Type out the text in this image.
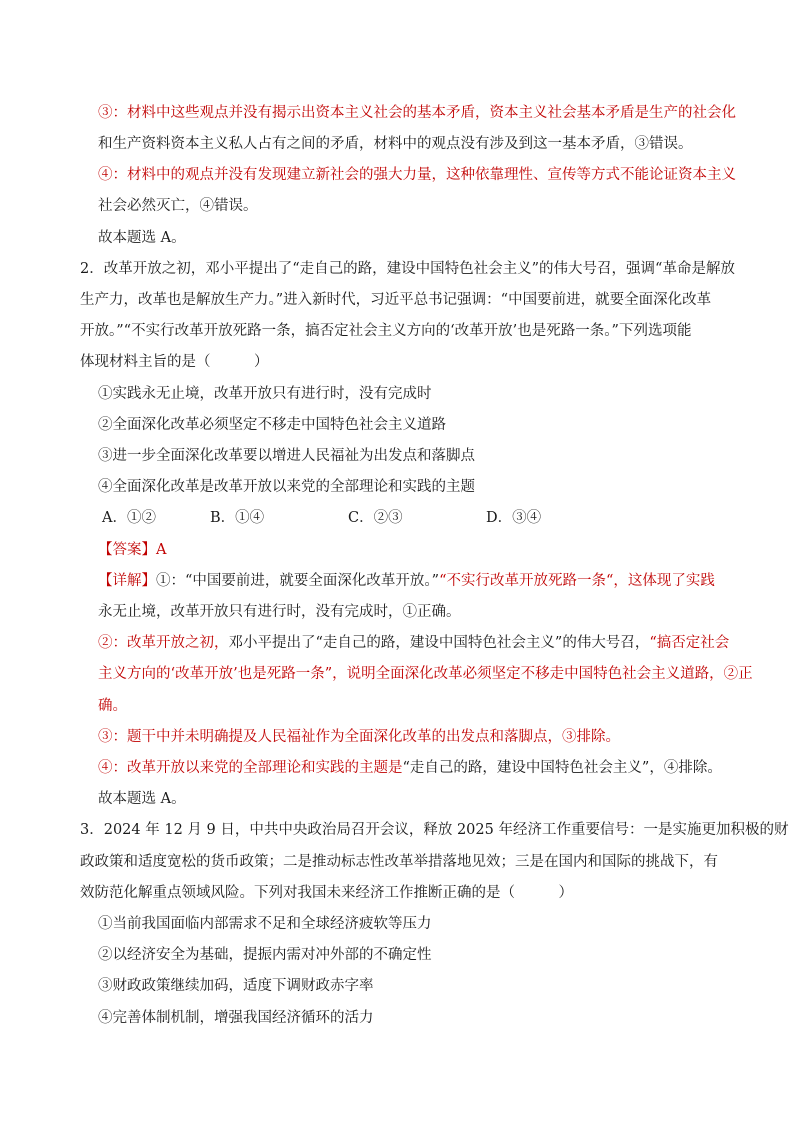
③：材料中这些观点并没有揭示出资本主义社会的基本矛盾，资本主义社会基本矛盾是生产的社会化
和生产资料资本主义私人占有之间的矛盾，材料中的观点没有涉及到这一基本矛盾，③错误。
④：材料中的观点并没有发现建立新社会的强大力量，这种依靠理性、宣传等方式不能论证资本主义
社会必然灭亡，④错误。
故本题选 A。
2．改革开放之初，邓小平提出了“走自己的路，建设中国特色社会主义”的伟大号召，强调“革命是解放
生产力，改革也是解放生产力。”进入新时代，习近平总书记强调：“中国要前进，就要全面深化改革
开放。”“不实行改革开放死路一条，搞否定社会主义方向的‘改革开放’也是死路一条。”下列选项能
体现材料主旨的是（　　　）
①实践永无止境，改革开放只有进行时，没有完成时
②全面深化改革必须坚定不移走中国特色社会主义道路
③进一步全面深化改革要以增进人民福祉为出发点和落脚点
④全面深化改革是改革开放以来党的全部理论和实践的主题
A．①②	B．①④	C．②③	D．③④
【答案】A
【详解】①：“中国要前进，就要全面深化改革开放。”“不实行改革开放死路一条“，这体现了实践
永无止境，改革开放只有进行时，没有完成时，①正确。
②：改革开放之初，邓小平提出了“走自己的路，建设中国特色社会主义”的伟大号召，“搞否定社会
主义方向的‘改革开放’也是死路一条”，说明全面深化改革必须坚定不移走中国特色社会主义道路，②正
确。
③：题干中并未明确提及人民福祉作为全面深化改革的出发点和落脚点，③排除。
④：改革开放以来党的全部理论和实践的主题是“走自己的路，建设中国特色社会主义”，④排除。
故本题选 A。
3．2024 年 12 月 9 日，中共中央政治局召开会议，释放 2025 年经济工作重要信号：一是实施更加积极的财
政政策和适度宽松的货币政策；二是推动标志性改革举措落地见效；三是在国内和国际的挑战下，有
效防范化解重点领域风险。下列对我国未来经济工作推断正确的是（　　　）
①当前我国面临内部需求不足和全球经济疲软等压力
②以经济安全为基础，提振内需对冲外部的不确定性
③财政政策继续加码，适度下调财政赤字率
④完善体制机制，增强我国经济循环的活力
